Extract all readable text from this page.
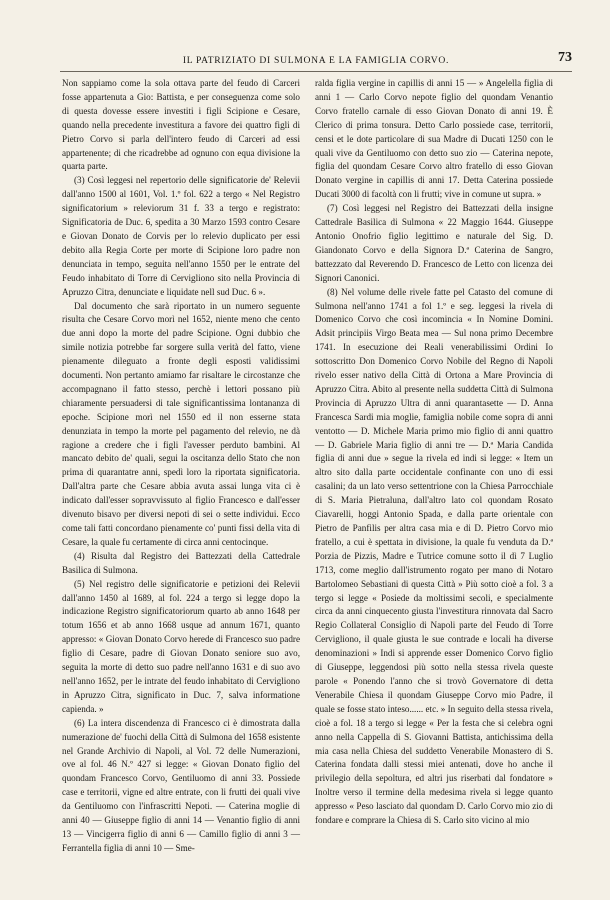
IL PATRIZIATO DI SULMONA E LA FAMIGLIA CORVO.	73

Non sappiamo come la sola ottava parte del feudo di Carceri fosse appartenuta a Gio: Battista, e per conseguenza come solo di questa dovesse essere investiti i figli Scipione e Cesare, quando nella precedente investitura a favore dei quattro figli di Pietro Corvo si parla dell'intero feudo di Carceri ad essi appartenente; di che ricadrebbe ad ognuno con equa divisione la quarta parte.

(3) Così leggesi nel repertorio delle significatorie de' Relevii dall'anno 1500 al 1601, Vol. 1.º fol. 622 a tergo « Nel Registro significatorium » releviorum 31 f. 33 a tergo e registrato: Significatoria de Duc. 6, spedita a 30 Marzo 1593 contro Cesare e Giovan Donato de Corvis per lo relevio duplicato per essi debito alla Regia Corte per morte di Scipione loro padre non denunciata in tempo, seguita nell'anno 1550 per le entrate del Feudo inhabitato di Torre di Cervigliono sito nella Provincia di Apruzzo Citra, denunciate e liquidate nell sud Duc. 6 ».

Dal documento che sarà riportato in un numero seguente risulta che Cesare Corvo morì nel 1652, niente meno che cento due anni dopo la morte del padre Scipione. Ogni dubbio che simile notizia potrebbe far sorgere sulla verità del fatto, viene pienamente dileguato a fronte degli esposti validissimi documenti. Non pertanto amiamo far risaltare le circostanze che accompagnano il fatto stesso, perchè i lettori possano più chiaramente persuadersi di tale significantissima lontananza di epoche. Scipione morì nel 1550 ed il non esserne stata denunziata in tempo la morte pel pagamento del relevio, ne dà ragione a credere che i figli l'avesser perduto bambini. Al mancato debito de' quali, segui la oscitanza dello Stato che non prima di quarantatre anni, spedì loro la riportata significatoria. Dall'altra parte che Cesare abbia avuta assai lunga vita ci è indicato dall'esser sopravvissuto al figlio Francesco e dall'esser divenuto bisavo per diversi nepoti di sei o sette individui. Ecco come tali fatti concordano pienamente co' punti fissi della vita di Cesare, la quale fu certamente di circa anni centocinque.

(4) Risulta dal Registro dei Battezzati della Cattedrale Basilica di Sulmona.

(5) Nel registro delle significatorie e petizioni dei Relevii dall'anno 1450 al 1689, al fol. 224 a tergo si legge dopo la indicazione Registro significatoriorum quarto ab anno 1648 per totum 1656 et ab anno 1668 usque ad annum 1671, quanto appresso: « Giovan Donato Corvo herede di Francesco suo padre figlio di Cesare, padre di Giovan Donato seniore suo avo, seguita la morte di detto suo padre nell'anno 1631 e di suo avo nell'anno 1652, per le intrate del feudo inhabitato di Cervigliono in Apruzzo Citra, significato in Duc. 7, salva informatione capienda. »

(6) La intera discendenza di Francesco ci è dimostrata dalla numerazione de' fuochi della Città di Sulmona del 1658 esistente nel Grande Archivio di Napoli, al Vol. 72 delle Numerazioni, ove al fol. 46 N.º 427 si legge: « Giovan Donato figlio del quondam Francesco Corvo, Gentiluomo di anni 33. Possiede case e territorii, vigne ed altre entrate, con li frutti dei quali vive da Gentiluomo con l'infrascritti Nepoti. — Caterina moglie di anni 40 — Giuseppe figlio di anni 14 — Venantio figlio di anni 13 — Vincigerra figlio di anni 6 — Camillo figlio di anni 3 — Ferrantella figlia di anni 10 — Sme-

ralda figlia vergine in capillis di anni 15 — » Angelella figlia di anni 1 — Carlo Corvo nepote figlio del quondam Venantio Corvo fratello carnale di esso Giovan Donato di anni 19. È Clerico di prima tonsura. Detto Carlo possiede case, territorii, censi et le dote particolare di sua Madre di Ducati 1250 con le quali vive da Gentiluomo con detto suo zio — Caterina nepote, figlia del quondam Cesare Corvo altro fratello di esso Giovan Donato vergine in capillis di anni 17. Detta Caterina possiede Ducati 3000 di facoltà con li frutti; vive in comune ut supra. »

(7) Così leggesi nel Registro dei Battezzati della insigne Cattedrale Basilica di Sulmona « 22 Maggio 1644. Giuseppe Antonio Onofrio figlio legittimo e naturale del Sig. D. Giandonato Corvo e della Signora D.ª Caterina de Sangro, battezzato dal Reverendo D. Francesco de Letto con licenza dei Signori Canonici.

(8) Nel volume delle rivele fatte pel Catasto del comune di Sulmona nell'anno 1741 a fol 1.º e seg. leggesi la rivela di Domenico Corvo che così incomincia « In Nomine Domini. Adsit principiis Virgo Beata mea — Sul nona primo Decembre 1741. In esecuzione dei Reali venerabilissimi Ordini Io sottoscritto Don Domenico Corvo Nobile del Regno di Napoli rivelo esser nativo della Città di Ortona a Mare Provincia di Apruzzo Citra. Abito al presente nella suddetta Città di Sulmona Provincia di Apruzzo Ultra di anni quarantasette — D. Anna Francesca Sardi mia moglie, famiglia nobile come sopra di anni ventotto — D. Michele Maria primo mio figlio di anni quattro — D. Gabriele Maria figlio di anni tre — D.ª Maria Candida figlia di anni due » segue la rivela ed indi si legge: « Item un altro sito dalla parte occidentale confinante con uno di essi casalini; da un lato verso settentrione con la Chiesa Parrocchiale di S. Maria Pietraluna, dall'altro lato col quondam Rosato Ciavarelli, hoggi Antonio Spada, e dalla parte orientale con Pietro de Panfilis per altra casa mia e di D. Pietro Corvo mio fratello, a cui è spettata in divisione, la quale fu venduta da D.ª Porzia de Pizzis, Madre e Tutrice comune sotto il dì 7 Luglio 1713, come meglio dall'istrumento rogato per mano di Notaro Bartolomeo Sebastiani di questa Città » Più sotto cioè a fol. 3 a tergo si legge « Posiede da moltissimi secoli, e specialmente circa da anni cinquecento giusta l'investitura rinnovata dal Sacro Regio Collateral Consiglio di Napoli parte del Feudo di Torre Cervigliono, il quale giusta le sue contrade e locali ha diverse denominazioni » Indi si apprende esser Domenico Corvo figlio di Giuseppe, leggendosi più sotto nella stessa rivela queste parole « Ponendo l'anno che si trovò Governatore di detta Venerabile Chiesa il quondam Giuseppe Corvo mio Padre, il quale se fosse stato inteso...... etc. » In seguito della stessa rivela, cioè a fol. 18 a tergo si legge « Per la festa che si celebra ogni anno nella Cappella di S. Giovanni Battista, antichissima della mia casa nella Chiesa del suddetto Venerabile Monastero di S. Caterina fondata dalli stessi miei antenati, dove ho anche il privilegio della sepoltura, ed altri jus riserbati dal fondatore » Inoltre verso il termine della medesima rivela si legge quanto appresso « Peso lasciato dal quondam D. Carlo Corvo mio zio di fondare e comprare la Chiesa di S. Carlo sito vicino al mio
